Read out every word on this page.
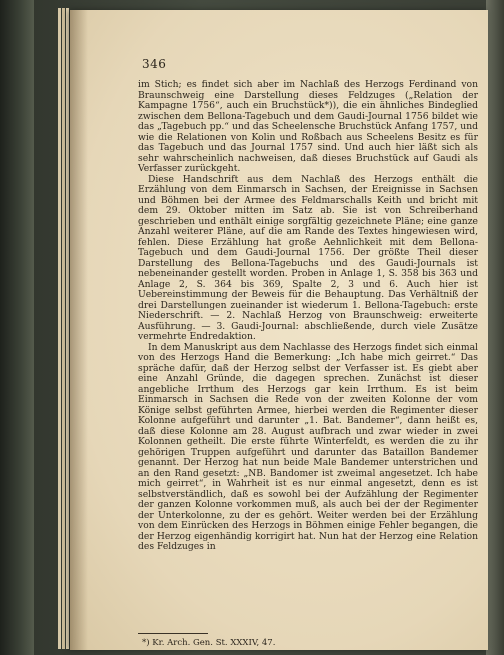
346

im Stich; es findet sich aber im Nachlaß des Herzogs Ferdinand von Braunschweig eine Darstellung dieses Feldzuges („Relation der Kampagne 1756“, auch ein Bruchstück*)), die ein ähnliches Bindeglied zwischen dem Bellona-Tagebuch und dem Gaudi-Journal 1756 bildet wie das „Tagebuch pp.“ und das Scheelensche Bruchstück Anfang 1757, und wie die Relationen von Kolin und Roßbach aus Scheelens Besitz es für das Tagebuch und das Journal 1757 sind. Und auch hier läßt sich als sehr wahrscheinlich nachweisen, daß dieses Bruchstück auf Gaudi als Verfasser zurückgeht.

Diese Handschrift aus dem Nachlaß des Herzogs enthält die Erzählung von dem Einmarsch in Sachsen, der Ereignisse in Sachsen und Böhmen bei der Armee des Feldmarschalls Keith und bricht mit dem 29. Oktober mitten im Satz ab. Sie ist von Schreiberhand geschrieben und enthält einige sorgfältig gezeichnete Pläne; eine ganze Anzahl weiterer Pläne, auf die am Rande des Textes hingewiesen wird, fehlen. Diese Erzählung hat große Aehnlichkeit mit dem Bellona-Tagebuch und dem Gaudi-Journal 1756. Der größte Theil dieser Darstellung des Bellona-Tagebuchs und des Gaudi-Journals ist nebeneinander gestellt worden. Proben in Anlage 1, S. 358 bis 363 und Anlage 2, S. 364 bis 369, Spalte 2, 3 und 6. Auch hier ist Uebereinstimmung der Beweis für die Behauptung. Das Verhältniß der drei Darstellungen zueinander ist wiederum 1. Bellona-Tagebuch: erste Niederschrift. — 2. Nachlaß Herzog von Braunschweig: erweiterte Ausführung. — 3. Gaudi-Journal: abschließende, durch viele Zusätze vermehrte Endredaktion.

In dem Manuskript aus dem Nachlasse des Herzogs findet sich einmal von des Herzogs Hand die Bemerkung: „Ich habe mich geirret.“ Das spräche dafür, daß der Herzog selbst der Verfasser ist. Es giebt aber eine Anzahl Gründe, die dagegen sprechen. Zunächst ist dieser angebliche Irrthum des Herzogs gar kein Irrthum. Es ist beim Einmarsch in Sachsen die Rede von der zweiten Kolonne der vom Könige selbst geführten Armee, hierbei werden die Regimenter dieser Kolonne aufgeführt und darunter „1. Bat. Bandemer“, dann heißt es, daß diese Kolonne am 28. August aufbrach und zwar wieder in zwei Kolonnen getheilt. Die erste führte Winterfeldt, es werden die zu ihr gehörigen Truppen aufgeführt und darunter das Bataillon Bandemer genannt. Der Herzog hat nun beide Male Bandemer unterstrichen und an den Rand gesetzt: „NB. Bandomer ist zweimal angesetzet. Ich habe mich geirret“, in Wahrheit ist es nur einmal angesetzt, denn es ist selbstverständlich, daß es sowohl bei der Aufzählung der Regimenter der ganzen Kolonne vorkommen muß, als auch bei der der Regimenter der Unterkolonne, zu der es gehört. Weiter werden bei der Erzählung von dem Einrücken des Herzogs in Böhmen einige Fehler begangen, die der Herzog eigenhändig korrigirt hat. Nun hat der Herzog eine Relation des Feldzuges in

*) Kr. Arch. Gen. St. XXXIV, 47.
